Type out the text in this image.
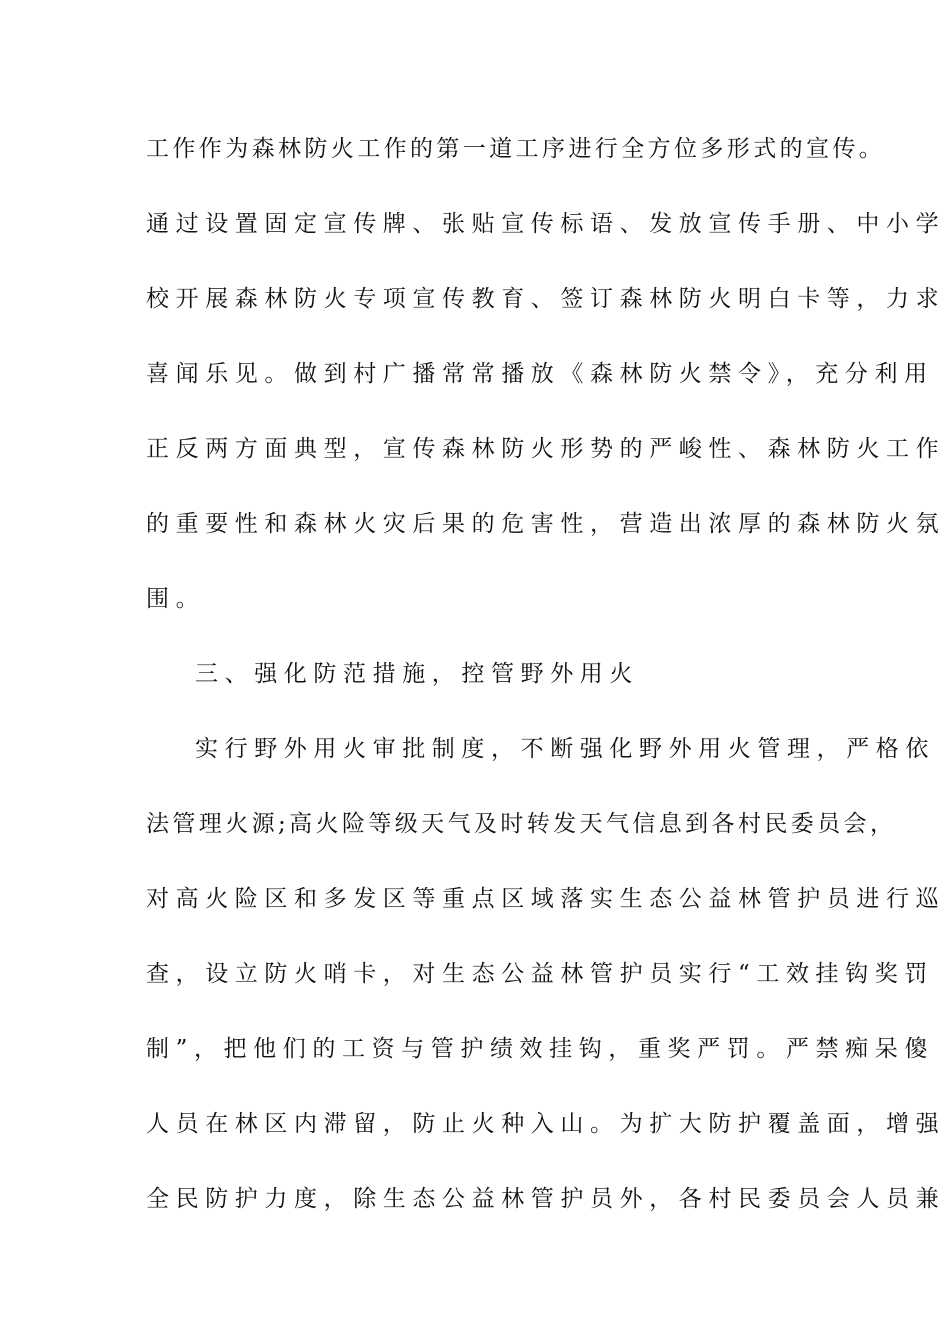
工作作为森林防火工作的第一道工序进行全方位多形式的宣传。
通过设置固定宣传牌、张贴宣传标语、发放宣传手册、中小学
校开展森林防火专项宣传教育、签订森林防火明白卡等，力求
喜闻乐见。做到村广播常常播放《森林防火禁令》，充分利用
正反两方面典型，宣传森林防火形势的严峻性、森林防火工作
的重要性和森林火灾后果的危害性，营造出浓厚的森林防火氛
围。
三、强化防范措施，控管野外用火
实行野外用火审批制度，不断强化野外用火管理，严格依
法管理火源;高火险等级天气及时转发天气信息到各村民委员会，
对高火险区和多发区等重点区域落实生态公益林管护员进行巡
查，设立防火哨卡，对生态公益林管护员实行“工效挂钩奖罚
制”，把他们的工资与管护绩效挂钩，重奖严罚。严禁痴呆傻
人员在林区内滞留，防止火种入山。为扩大防护覆盖面，增强
全民防护力度，除生态公益林管护员外，各村民委员会人员兼
